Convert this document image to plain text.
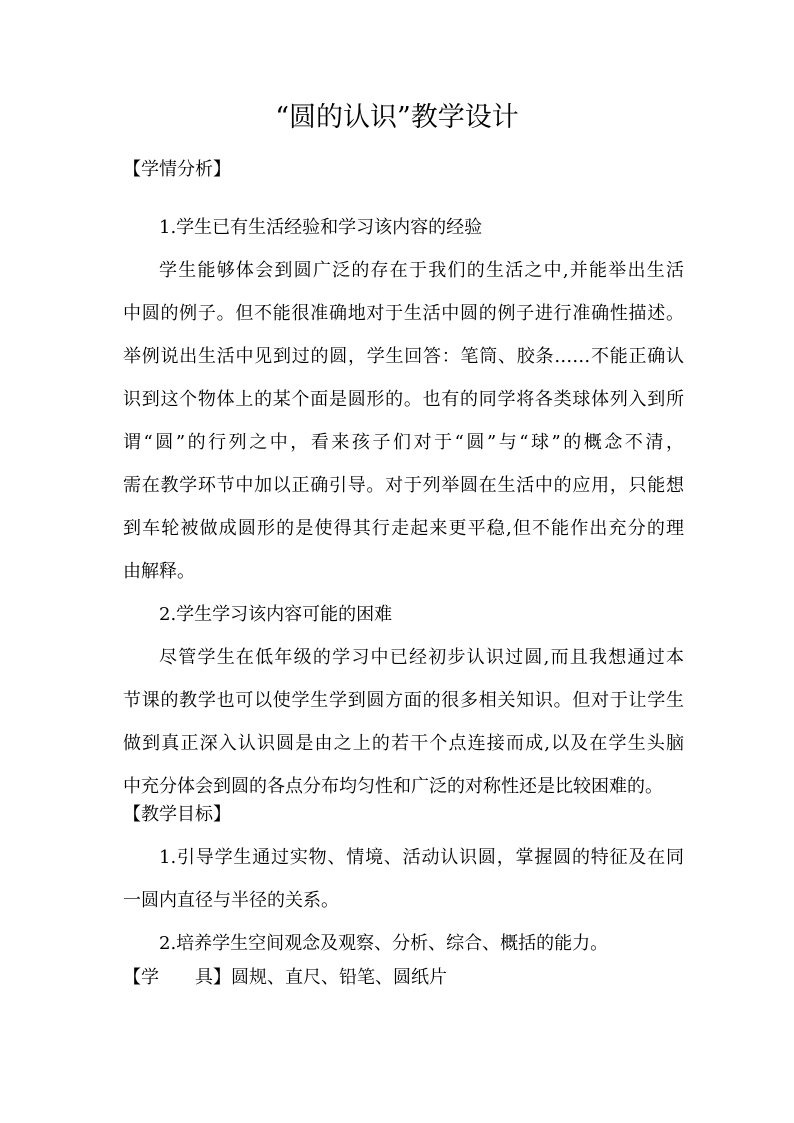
“圆的认识”教学设计
【学情分析】
1.学生已有生活经验和学习该内容的经验
学生能够体会到圆广泛的存在于我们的生活之中,并能举出生活
中圆的例子。但不能很准确地对于生活中圆的例子进行准确性描述。
举例说出生活中见到过的圆，学生回答：笔筒、胶条……不能正确认
识到这个物体上的某个面是圆形的。也有的同学将各类球体列入到所
谓“圆”的行列之中，看来孩子们对于“圆”与“球”的概念不清，
需在教学环节中加以正确引导。对于列举圆在生活中的应用，只能想
到车轮被做成圆形的是使得其行走起来更平稳,但不能作出充分的理
由解释。
2.学生学习该内容可能的困难
尽管学生在低年级的学习中已经初步认识过圆,而且我想通过本
节课的教学也可以使学生学到圆方面的很多相关知识。但对于让学生
做到真正深入认识圆是由之上的若干个点连接而成,以及在学生头脑
中充分体会到圆的各点分布均匀性和广泛的对称性还是比较困难的。
【教学目标】
1.引导学生通过实物、情境、活动认识圆，掌握圆的特征及在同
一圆内直径与半径的关系。
2.培养学生空间观念及观察、分析、综合、概括的能力。
【学 具】圆规、直尺、铅笔、圆纸片
